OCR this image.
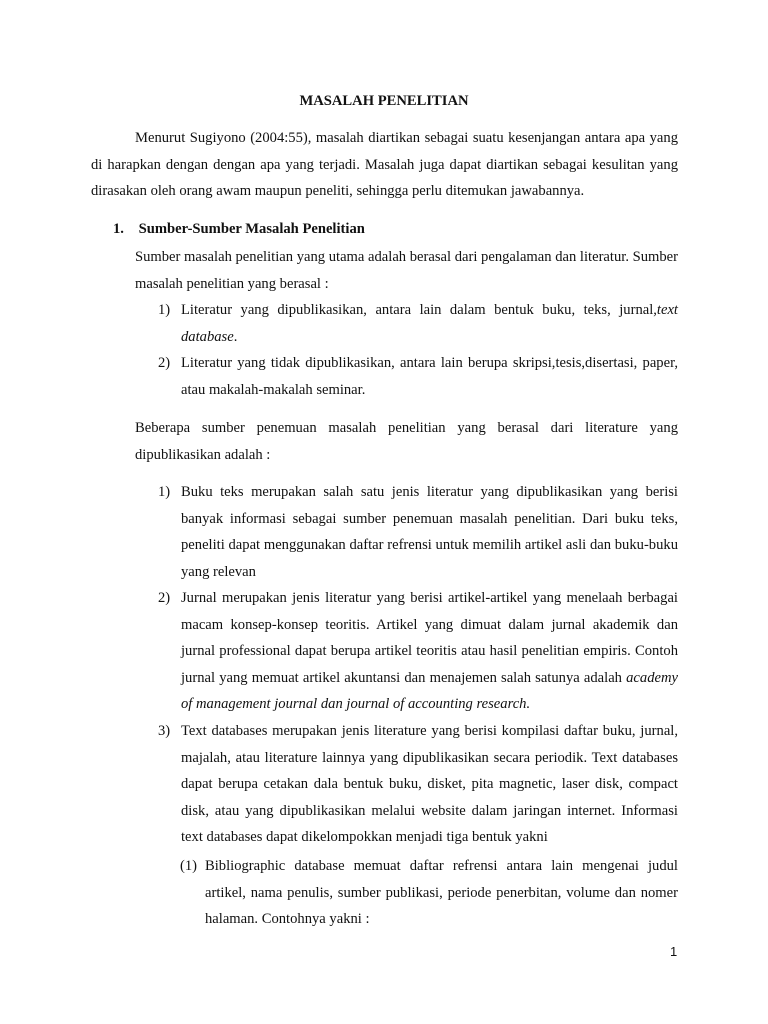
MASALAH PENELITIAN
Menurut Sugiyono (2004:55), masalah diartikan sebagai suatu kesenjangan antara apa yang di harapkan dengan dengan apa yang terjadi. Masalah juga dapat diartikan sebagai kesulitan yang dirasakan oleh orang awam maupun peneliti, sehingga perlu ditemukan jawabannya.
1. Sumber-Sumber Masalah Penelitian
Sumber masalah penelitian yang utama adalah berasal dari pengalaman dan literatur. Sumber masalah penelitian yang berasal :
1) Literatur yang dipublikasikan, antara lain dalam bentuk buku, teks, jurnal,text database.
2) Literatur yang tidak dipublikasikan, antara lain berupa skripsi,tesis,disertasi, paper, atau makalah-makalah seminar.
Beberapa sumber penemuan masalah penelitian yang berasal dari literature yang dipublikasikan adalah :
1) Buku teks merupakan salah satu jenis literatur yang dipublikasikan yang berisi banyak informasi sebagai sumber penemuan masalah penelitian. Dari buku teks, peneliti dapat menggunakan daftar refrensi untuk memilih artikel asli dan buku-buku yang relevan
2) Jurnal merupakan jenis literatur yang berisi artikel-artikel yang menelaah berbagai macam konsep-konsep teoritis. Artikel yang dimuat dalam jurnal akademik dan jurnal professional dapat berupa artikel teoritis atau hasil penelitian empiris. Contoh jurnal yang memuat artikel akuntansi dan menajemen salah satunya adalah academy of management journal dan journal of accounting research.
3) Text databases merupakan jenis literature yang berisi kompilasi daftar buku, jurnal, majalah, atau literature lainnya yang dipublikasikan secara periodik. Text databases dapat berupa cetakan dala bentuk buku, disket, pita magnetic, laser disk, compact disk, atau yang dipublikasikan melalui website dalam jaringan internet. Informasi text databases dapat dikelompokkan menjadi tiga bentuk yakni
(1) Bibliographic database memuat daftar refrensi antara lain mengenai judul artikel, nama penulis, sumber publikasi, periode penerbitan, volume dan nomer halaman. Contohnya yakni :
1
